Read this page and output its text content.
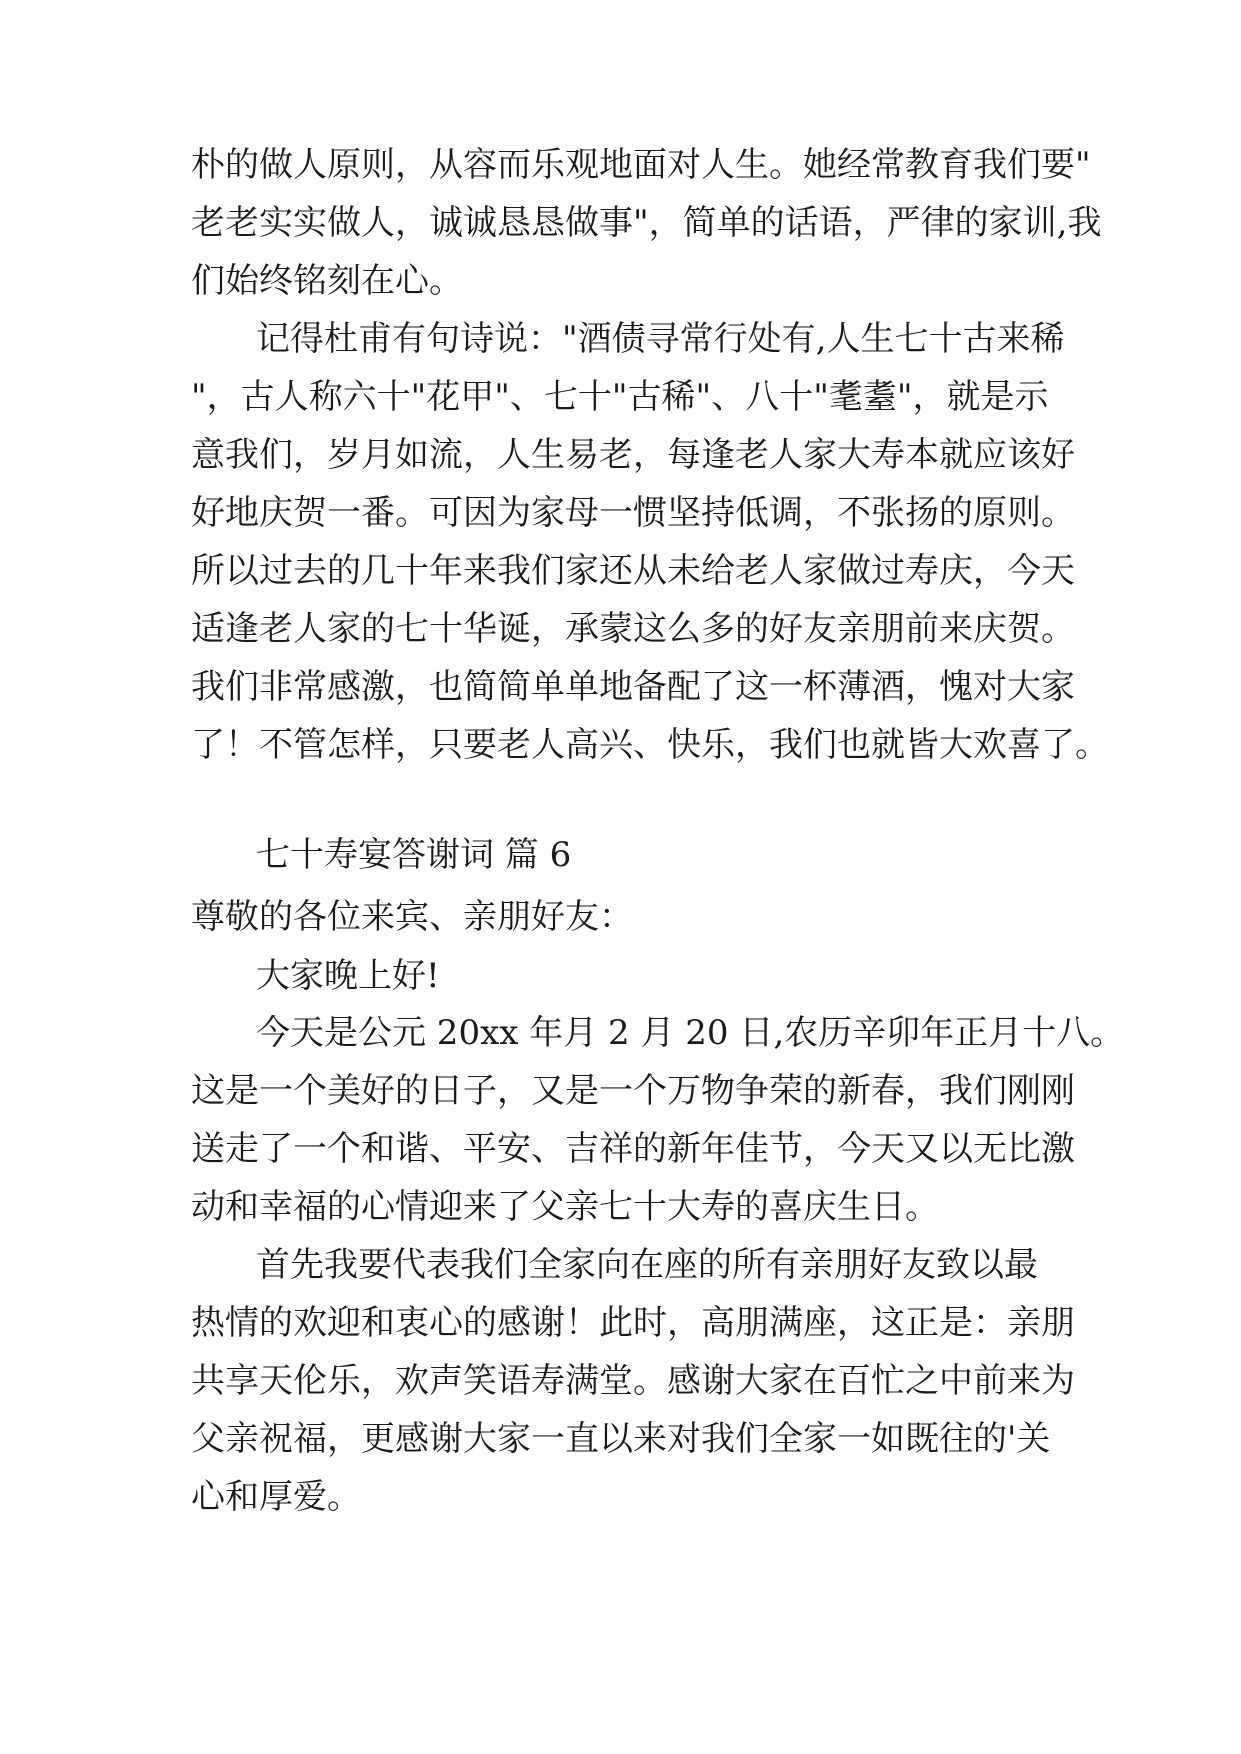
朴的做人原则，从容而乐观地面对人生。她经常教育我们要"

老老实实做人，诚诚恳恳做事"，简单的话语，严律的家训,我

们始终铭刻在心。

记得杜甫有句诗说："酒债寻常行处有,人生七十古来稀

"，古人称六十"花甲"、七十"古稀"、八十"耄耋"，就是示

意我们，岁月如流，人生易老，每逢老人家大寿本就应该好

好地庆贺一番。可因为家母一惯坚持低调，不张扬的原则。

所以过去的几十年来我们家还从未给老人家做过寿庆，今天

适逢老人家的七十华诞，承蒙这么多的好友亲朋前来庆贺。

我们非常感激，也简简单单地备配了这一杯薄酒，愧对大家

了！不管怎样，只要老人高兴、快乐，我们也就皆大欢喜了。

七十寿宴答谢词 篇 6

尊敬的各位来宾、亲朋好友：

大家晚上好!

今天是公元 20xx 年月 2 月 20 日,农历辛卯年正月十八。

这是一个美好的日子，又是一个万物争荣的新春，我们刚刚

送走了一个和谐、平安、吉祥的新年佳节，今天又以无比激

动和幸福的心情迎来了父亲七十大寿的喜庆生日。

首先我要代表我们全家向在座的所有亲朋好友致以最

热情的欢迎和衷心的感谢！此时，高朋满座，这正是：亲朋

共享天伦乐，欢声笑语寿满堂。感谢大家在百忙之中前来为

父亲祝福，更感谢大家一直以来对我们全家一如既往的'关

心和厚爱。
